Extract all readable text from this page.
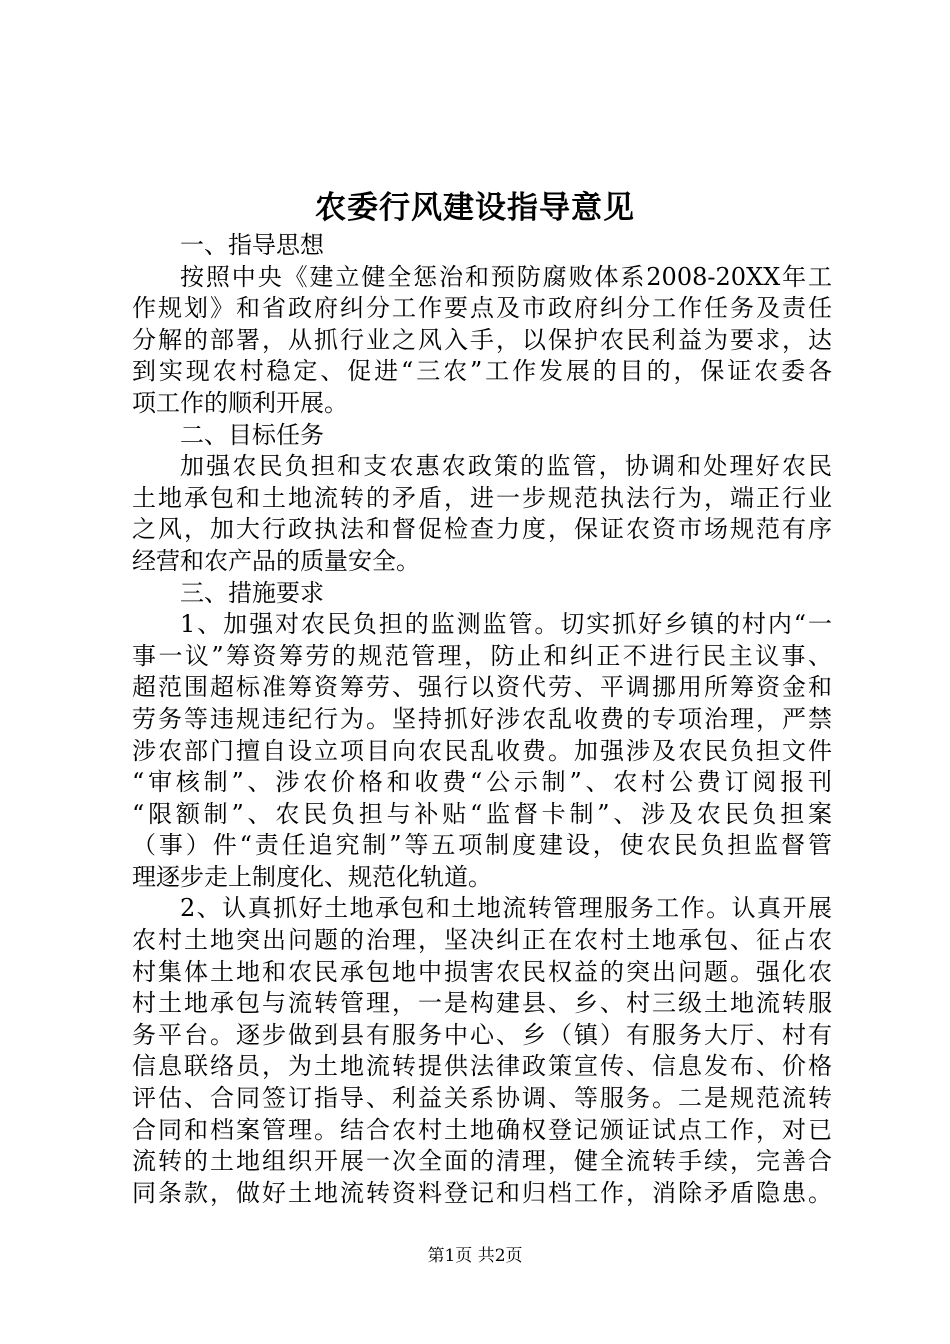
农委行风建设指导意见
一、指导思想
按照中央《建立健全惩治和预防腐败体系2008-20XX年工
作规划》和省政府纠分工作要点及市政府纠分工作任务及责任
分解的部署，从抓行业之风入手，以保护农民利益为要求，达
到实现农村稳定、促进“三农”工作发展的目的，保证农委各
项工作的顺利开展。
二、目标任务
加强农民负担和支农惠农政策的监管，协调和处理好农民
土地承包和土地流转的矛盾，进一步规范执法行为，端正行业
之风，加大行政执法和督促检查力度，保证农资市场规范有序
经营和农产品的质量安全。
三、措施要求
1、加强对农民负担的监测监管。切实抓好乡镇的村内“一
事一议”筹资筹劳的规范管理，防止和纠正不进行民主议事、
超范围超标准筹资筹劳、强行以资代劳、平调挪用所筹资金和
劳务等违规违纪行为。坚持抓好涉农乱收费的专项治理，严禁
涉农部门擅自设立项目向农民乱收费。加强涉及农民负担文件
“审核制”、涉农价格和收费“公示制”、农村公费订阅报刊
“限额制”、农民负担与补贴“监督卡制”、涉及农民负担案
（事）件“责任追究制”等五项制度建设，使农民负担监督管
理逐步走上制度化、规范化轨道。
2、认真抓好土地承包和土地流转管理服务工作。认真开展
农村土地突出问题的治理，坚决纠正在农村土地承包、征占农
村集体土地和农民承包地中损害农民权益的突出问题。强化农
村土地承包与流转管理，一是构建县、乡、村三级土地流转服
务平台。逐步做到县有服务中心、乡（镇）有服务大厅、村有
信息联络员，为土地流转提供法律政策宣传、信息发布、价格
评估、合同签订指导、利益关系协调、等服务。二是规范流转
合同和档案管理。结合农村土地确权登记颁证试点工作，对已
流转的土地组织开展一次全面的清理，健全流转手续，完善合
同条款，做好土地流转资料登记和归档工作，消除矛盾隐患。
第1页 共2页
